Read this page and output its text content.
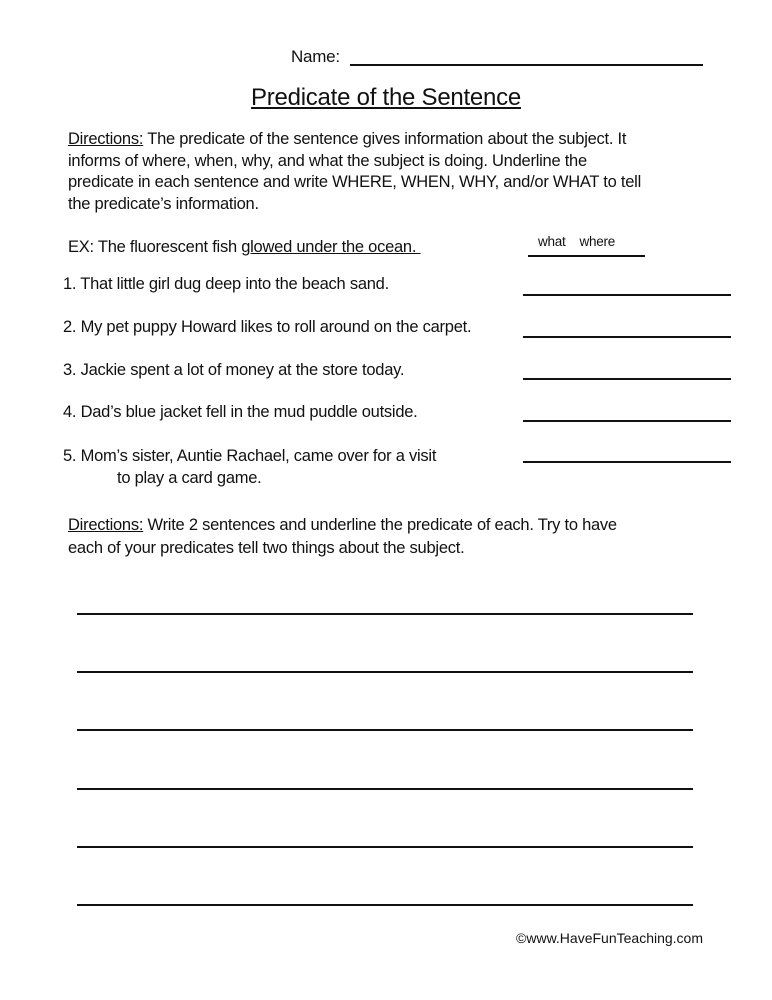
Name:
Predicate of the Sentence
Directions: The predicate of the sentence gives information about the subject. It
informs of where, when, why, and what the subject is doing. Underline the
predicate in each sentence and write WHERE, WHEN, WHY, and/or WHAT to tell
the predicate’s information.
EX: The fluorescent fish glowed under the ocean.	what    where
1. That little girl dug deep into the beach sand.
2. My pet puppy Howard likes to roll around on the carpet.
3. Jackie spent a lot of money at the store today.
4. Dad’s blue jacket fell in the mud puddle outside.
5. Mom’s sister, Auntie Rachael, came over for a visit
to play a card game.
Directions: Write 2 sentences and underline the predicate of each. Try to have
each of your predicates tell two things about the subject.
©www.HaveFunTeaching.com
